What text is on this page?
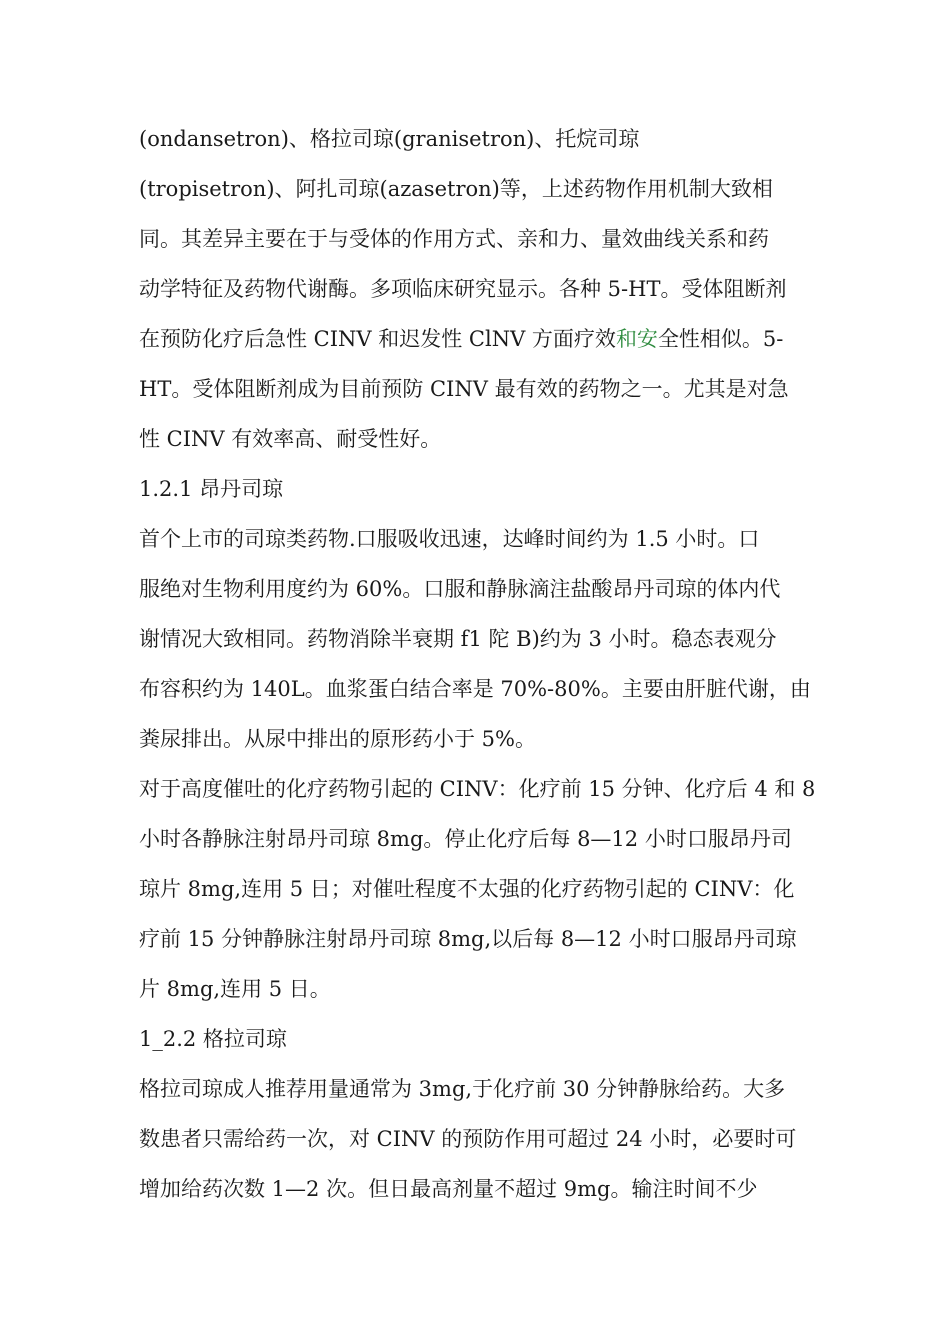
(ondansetron)、格拉司琼(granisetron)、托烷司琼
(tropisetron)、阿扎司琼(azasetron)等，上述药物作用机制大致相
同。其差异主要在于与受体的作用方式、亲和力、量效曲线关系和药
动学特征及药物代谢酶。多项临床研究显示。各种 5-HT。受体阻断剂
在预防化疗后急性 CINV 和迟发性 ClNV 方面疗效和安全性相似。5-
HT。受体阻断剂成为目前预防 CINV 最有效的药物之一。尤其是对急
性 CINV 有效率高、耐受性好。
1.2.1 昂丹司琼
首个上市的司琼类药物.口服吸收迅速，达峰时间约为 1.5 小时。口
服绝对生物利用度约为 60%。口服和静脉滴注盐酸昂丹司琼的体内代
谢情况大致相同。药物消除半衰期 f1 陀 B)约为 3 小时。稳态表观分
布容积约为 140L。血浆蛋白结合率是 70%-80%。主要由肝脏代谢，由
粪尿排出。从尿中排出的原形药小于 5%。
对于高度催吐的化疗药物引起的 CINV：化疗前 15 分钟、化疗后 4 和 8
小时各静脉注射昂丹司琼 8mg。停止化疗后每 8—12 小时口服昂丹司
琼片 8mg,连用 5 日；对催吐程度不太强的化疗药物引起的 CINV：化
疗前 15 分钟静脉注射昂丹司琼 8mg,以后每 8—12 小时口服昂丹司琼
片 8mg,连用 5 日。
1_2.2 格拉司琼
格拉司琼成人推荐用量通常为 3mg,于化疗前 30 分钟静脉给药。大多
数患者只需给药一次，对 CINV 的预防作用可超过 24 小时，必要时可
增加给药次数 1—2 次。但日最高剂量不超过 9mg。输注时间不少
